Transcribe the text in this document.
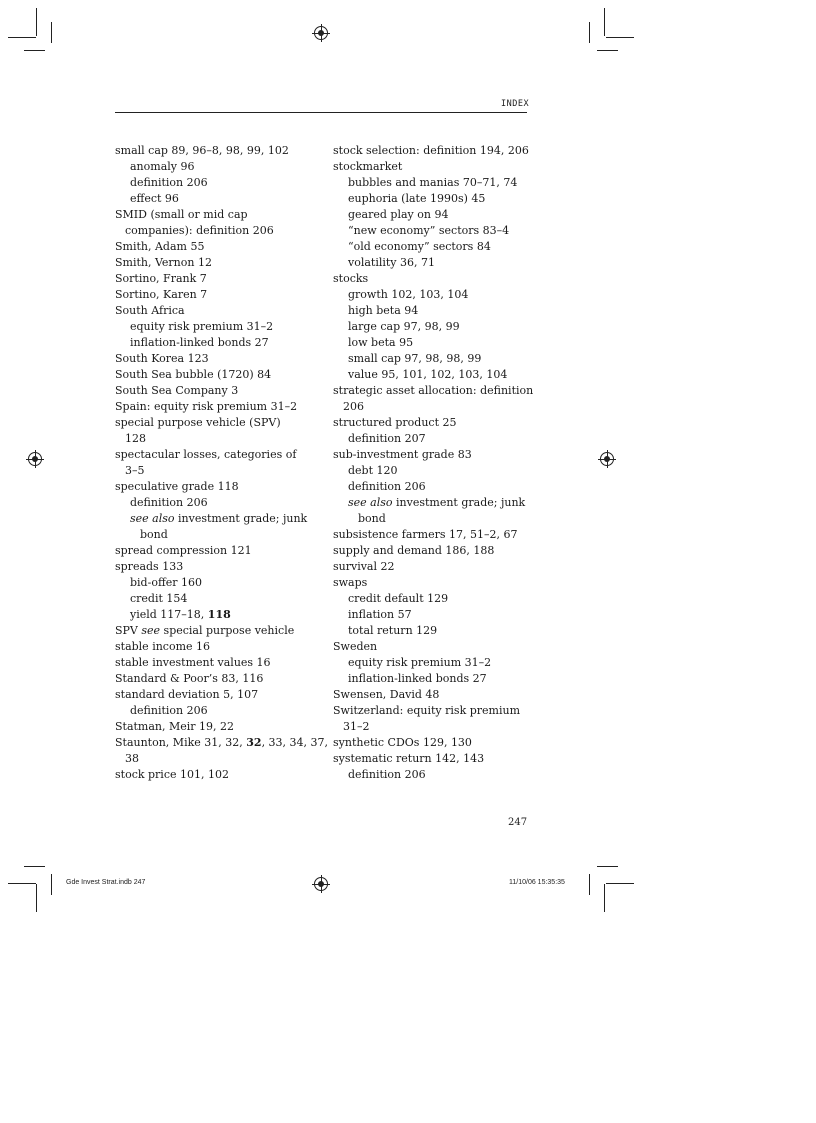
INDEX
small cap 89, 96–8, 98, 99, 102
anomaly 96
definition 206
effect 96
SMID (small or mid cap
companies): definition 206
Smith, Adam 55
Smith, Vernon 12
Sortino, Frank 7
Sortino, Karen 7
South Africa
equity risk premium 31–2
inflation-linked bonds 27
South Korea 123
South Sea bubble (1720) 84
South Sea Company 3
Spain: equity risk premium 31–2
special purpose vehicle (SPV)
128
spectacular losses, categories of
3–5
speculative grade 118
definition 206
see also investment grade; junk
bond
spread compression 121
spreads 133
bid-offer 160
credit 154
yield 117–18, 118
SPV see special purpose vehicle
stable income 16
stable investment values 16
Standard & Poor’s 83, 116
standard deviation 5, 107
definition 206
Statman, Meir 19, 22
Staunton, Mike 31, 32, 32, 33, 34, 37,
38
stock price 101, 102
stock selection: definition 194, 206
stockmarket
bubbles and manias 70–71, 74
euphoria (late 1990s) 45
geared play on 94
“new economy” sectors 83–4
“old economy” sectors 84
volatility 36, 71
stocks
growth 102, 103, 104
high beta 94
large cap 97, 98, 99
low beta 95
small cap 97, 98, 98, 99
value 95, 101, 102, 103, 104
strategic asset allocation: definition
206
structured product 25
definition 207
sub-investment grade 83
debt 120
definition 206
see also investment grade; junk
bond
subsistence farmers 17, 51–2, 67
supply and demand 186, 188
survival 22
swaps
credit default 129
inflation 57
total return 129
Sweden
equity risk premium 31–2
inflation-linked bonds 27
Swensen, David 48
Switzerland: equity risk premium
31–2
synthetic CDOs 129, 130
systematic return 142, 143
definition 206
247
Gde Invest Strat.indb 247	11/10/06 15:35:35
